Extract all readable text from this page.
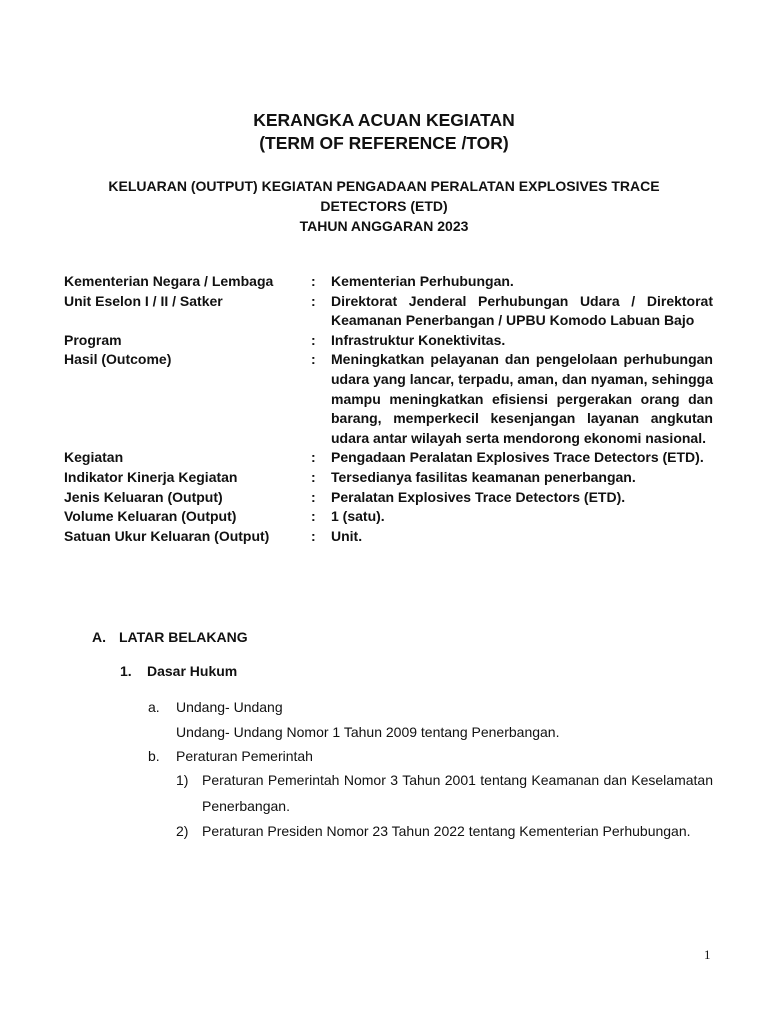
KERANGKA ACUAN KEGIATAN
(TERM OF REFERENCE /TOR)
KELUARAN (OUTPUT) KEGIATAN PENGADAAN PERALATAN EXPLOSIVES TRACE
DETECTORS (ETD)
TAHUN ANGGARAN 2023
Kementerian Negara / Lembaga	:	Kementerian Perhubungan.
Unit Eselon I / II / Satker	:	Direktorat Jenderal Perhubungan Udara / Direktorat Keamanan Penerbangan / UPBU Komodo Labuan Bajo
Program	:	Infrastruktur Konektivitas.
Hasil (Outcome)	:	Meningkatkan pelayanan dan pengelolaan perhubungan udara yang lancar, terpadu, aman, dan nyaman, sehingga mampu meningkatkan efisiensi pergerakan orang dan barang, memperkecil kesenjangan layanan angkutan udara antar wilayah serta mendorong ekonomi nasional.
Kegiatan	:	Pengadaan Peralatan Explosives Trace Detectors (ETD).
Indikator Kinerja Kegiatan	:	Tersedianya fasilitas keamanan penerbangan.
Jenis Keluaran (Output)	:	Peralatan Explosives Trace Detectors (ETD).
Volume Keluaran (Output)	:	1 (satu).
Satuan Ukur Keluaran (Output)	:	Unit.
A. LATAR BELAKANG
1. Dasar Hukum
a. Undang- Undang
Undang- Undang Nomor 1 Tahun 2009 tentang Penerbangan.
b. Peraturan Pemerintah
1) Peraturan Pemerintah Nomor 3 Tahun 2001 tentang Keamanan dan Keselamatan Penerbangan.
2) Peraturan Presiden Nomor 23 Tahun 2022 tentang Kementerian Perhubungan.
1
